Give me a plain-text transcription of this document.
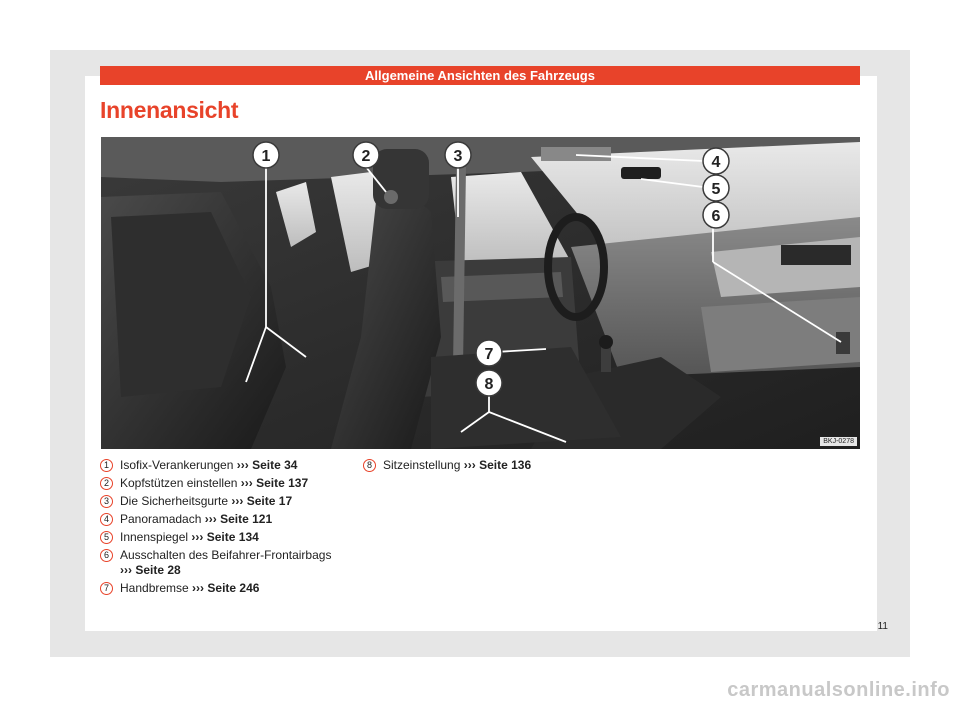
Allgemeine Ansichten des Fahrzeugs
Innenansicht
1	2	3	4
5
6
7
8
BKJ-0278
1 Isofix-Verankerungen ››› Seite 34
2 Kopfstützen einstellen ››› Seite 137
3 Die Sicherheitsgurte ››› Seite 17
4 Panoramadach ››› Seite 121
5 Innenspiegel ››› Seite 134
6 Ausschalten des Beifahrer-Frontairbags
››› Seite 28
7 Handbremse ››› Seite 246
8 Sitzeinstellung ››› Seite 136
11
carmanualsonline.info
